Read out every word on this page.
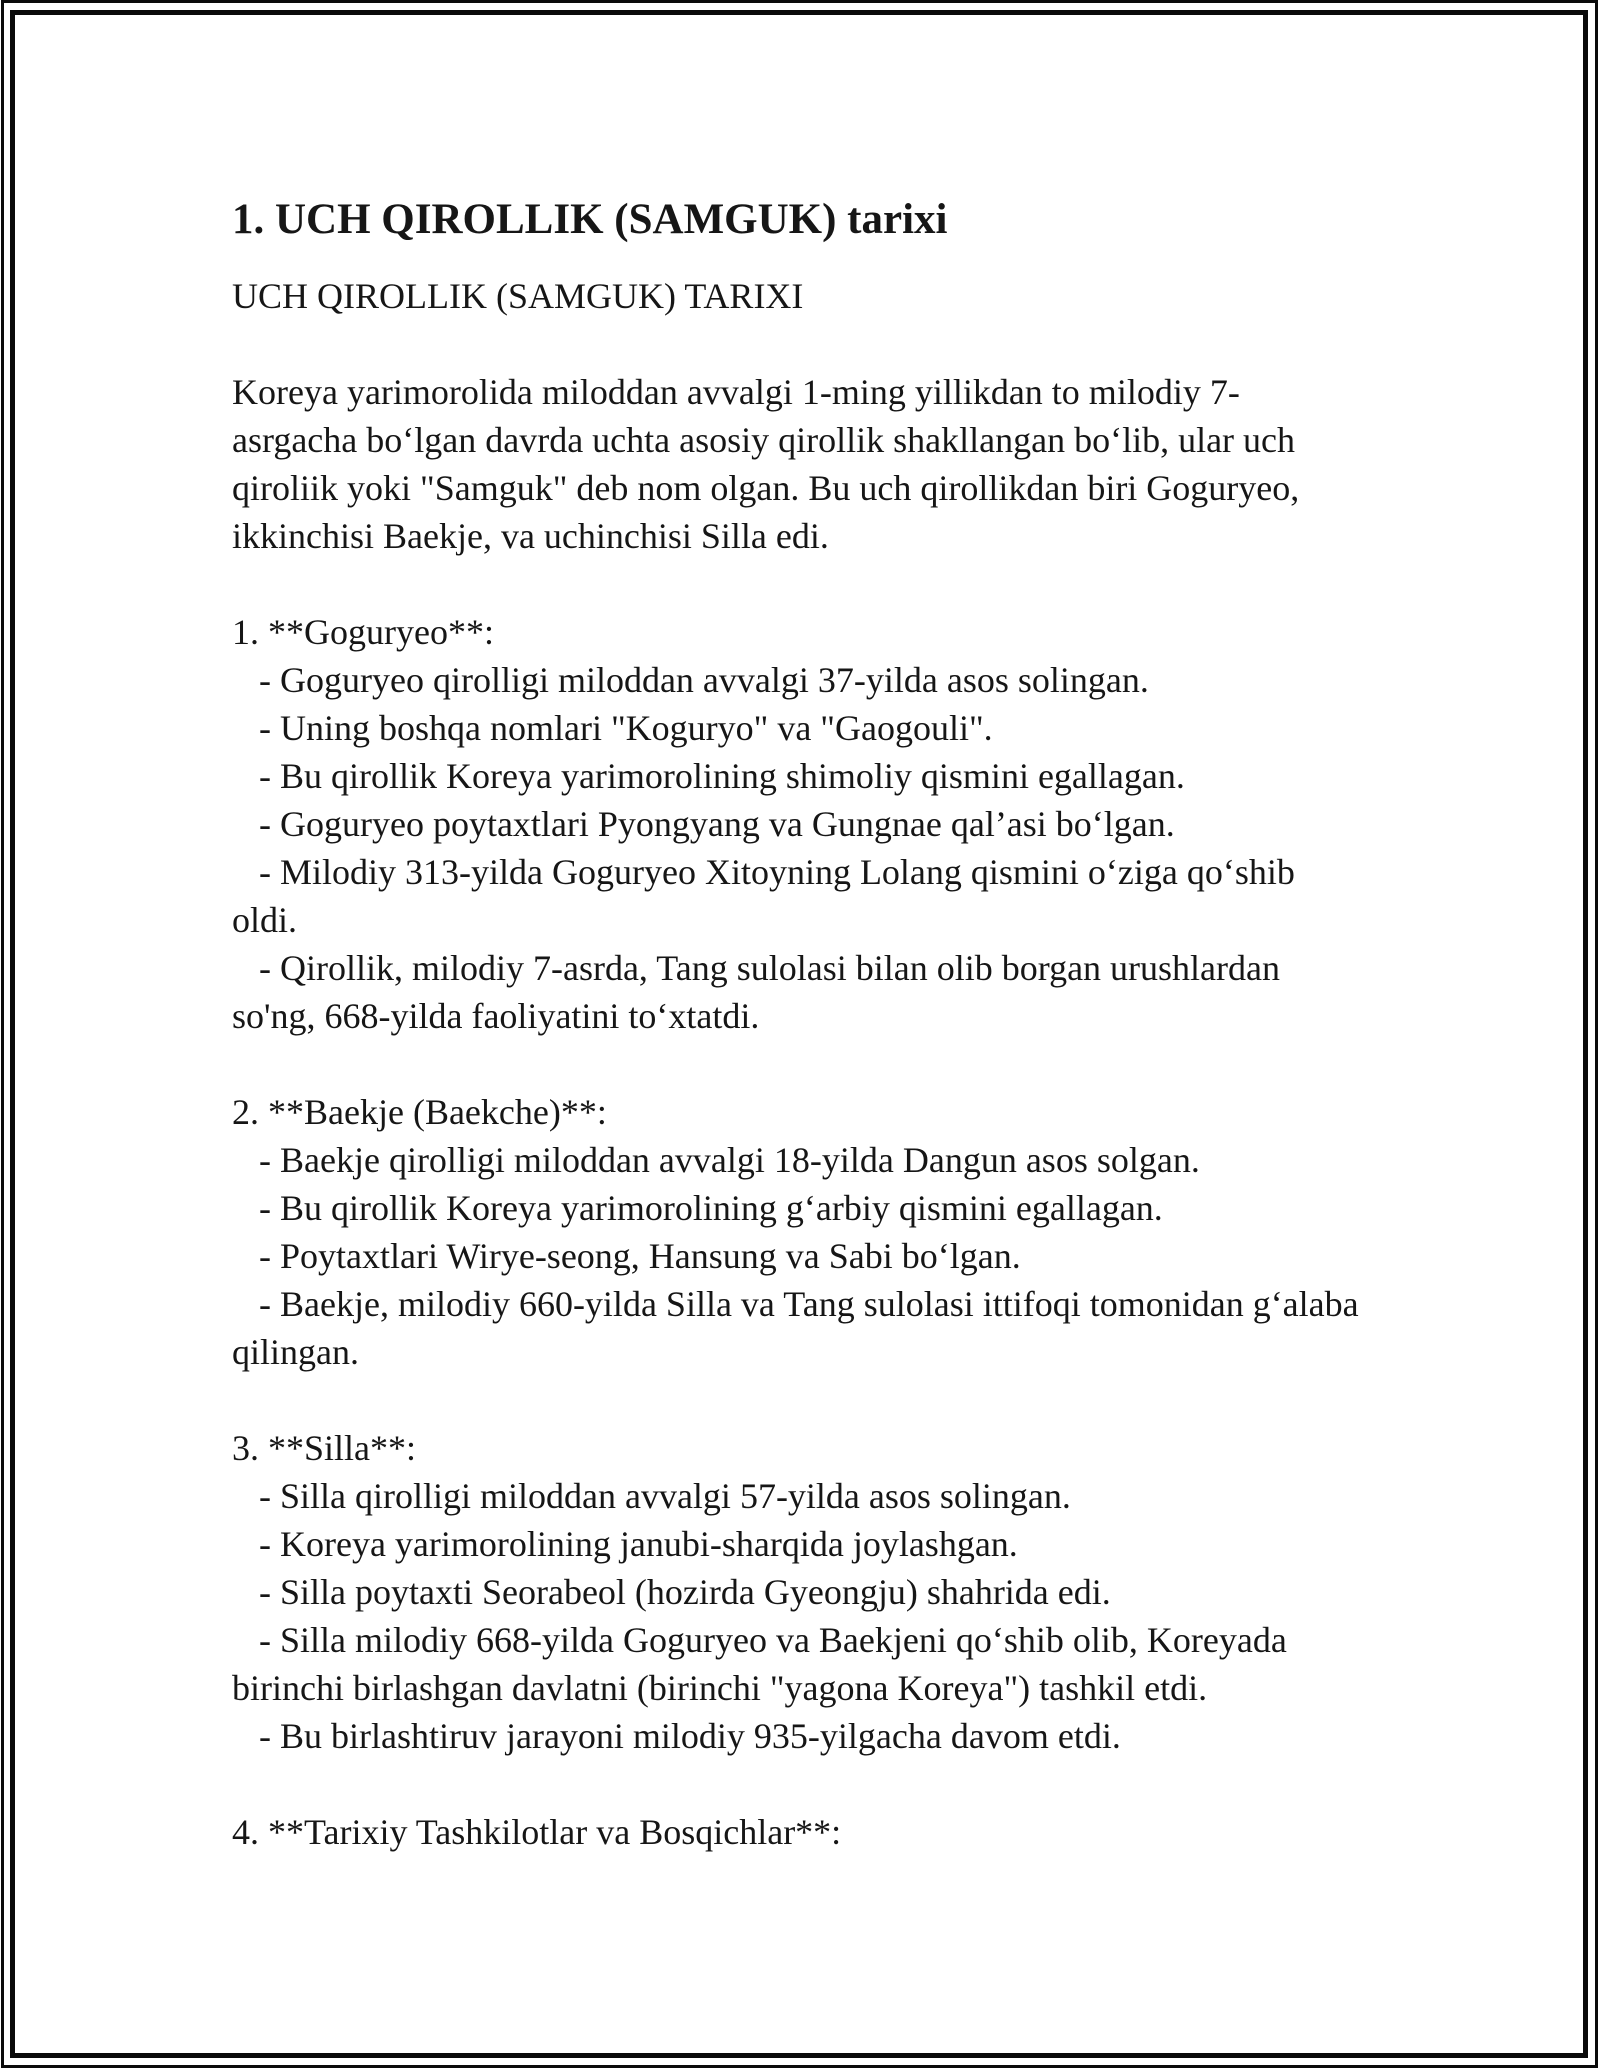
1. UCH QIROLLIK (SAMGUK) tarixi
UCH QIROLLIK (SAMGUK) TARIXI
Koreya yarimorolida miloddan avvalgi 1-ming yillikdan to milodiy 7-asrgacha bo‘lgan davrda uchta asosiy qirollik shakllangan bo‘lib, ular uch qiroliik yoki "Samguk" deb nom olgan. Bu uch qirollikdan biri Goguryeo, ikkinchisi Baekje, va uchinchisi Silla edi.
1. **Goguryeo**:
- Goguryeo qirolligi miloddan avvalgi 37-yilda asos solingan.
- Uning boshqa nomlari "Koguryo" va "Gaogouli".
- Bu qirollik Koreya yarimorolining shimoliy qismini egallagan.
- Goguryeo poytaxtlari Pyongyang va Gungnae qal’asi bo‘lgan.
- Milodiy 313-yilda Goguryeo Xitoyning Lolang qismini o‘ziga qo‘shib oldi.
- Qirollik, milodiy 7-asrda, Tang sulolasi bilan olib borgan urushlardan so'ng, 668-yilda faoliyatini to‘xtatdi.
2. **Baekje (Baekche)**:
- Baekje qirolligi miloddan avvalgi 18-yilda Dangun asos solgan.
- Bu qirollik Koreya yarimorolining g‘arbiy qismini egallagan.
- Poytaxtlari Wirye-seong, Hansung va Sabi bo‘lgan.
- Baekje, milodiy 660-yilda Silla va Tang sulolasi ittifoqi tomonidan g‘alaba qilingan.
3. **Silla**:
- Silla qirolligi miloddan avvalgi 57-yilda asos solingan.
- Koreya yarimorolining janubi-sharqida joylashgan.
- Silla poytaxti Seorabeol (hozirda Gyeongju) shahrida edi.
- Silla milodiy 668-yilda Goguryeo va Baekjeni qo‘shib olib, Koreyada birinchi birlashgan davlatni (birinchi "yagona Koreya") tashkil etdi.
- Bu birlashtiruv jarayoni milodiy 935-yilgacha davom etdi.
4. **Tarixiy Tashkilotlar va Bosqichlar**:
